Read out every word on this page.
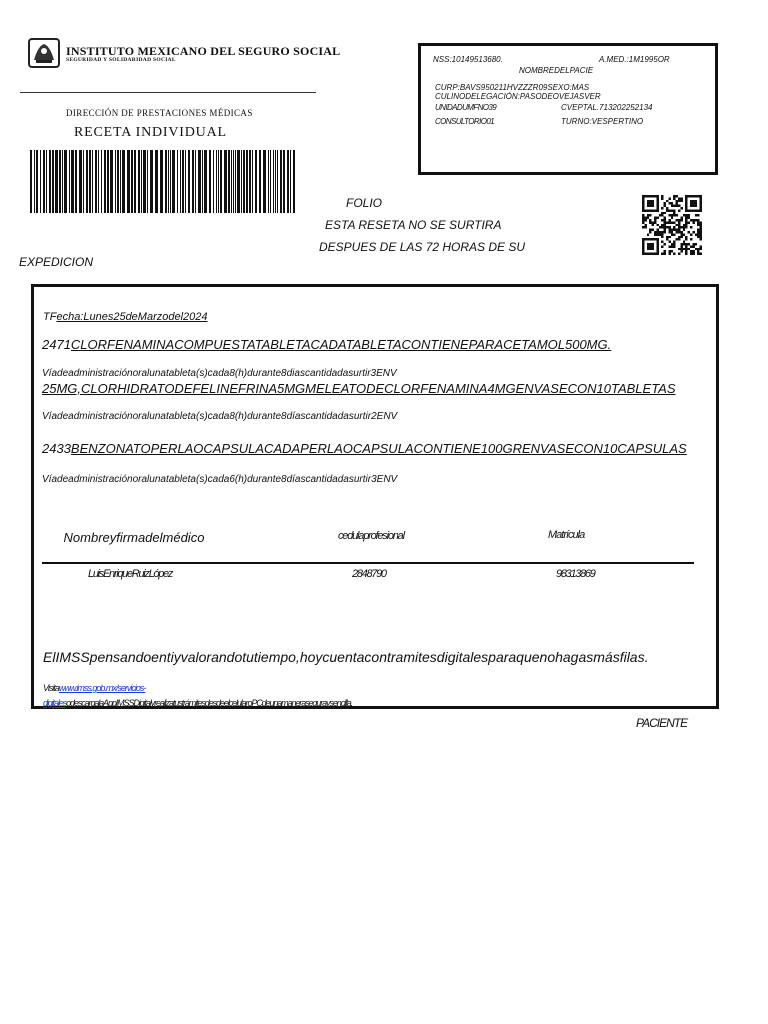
INSTITUTO MEXICANO DEL SEGURO SOCIAL
SEGURIDAD Y SOLIDARIDAD SOCIAL
DIRECCIÓN DE PRESTACIONES MÉDICAS
RECETA INDIVIDUAL
NSS:10149513680.	A.MED.:1M1995OR
NOMBREDELPACIE
CURP:BAVS950211HVZZZR09SEXO:MAS
CULINODELEGACIÓN:PASODEOVEJASVER
UNIDADUMFNO39	CVEPTAL.713202252134
CONSULTORIO01	TURNO:VESPERTINO
FOLIO
ESTA RESETA NO SE SURTIRA
DESPUES DE LAS 72 HORAS DE SU
EXPEDICION
TFecha:Lunes25deMarzodel2024
2471CLORFENAMINACOMPUESTATABLETACADATABLETACONTIENEPARACETAMOL500MG.
Víadeadministraciónoralunatableta(s)cada8(h)durante8diascantidadasurtir3ENV
25MG,CLORHIDRATODEFELINEFRINA5MGMELEATODECLORFENAMINA4MGENVASECON10TABLETAS
Víadeadministraciónoralunatableta(s)cada8(h)durante8díascantidadasurtir2ENV
2433BENZONATOPERLAOCAPSULACADAPERLAOCAPSULACONTIENE100GRENVASECON10CAPSULAS
Víadeadministraciónoralunatableta(s)cada6(h)durante8díascantidadasurtir3ENV
Nombreyfirmadelmédico	cedulaprofesional	Matrícula
LuisEnriqueRuizLópez	2848790	98313869
ElIMSSpensandoentiyvalorandotutiempo,hoycuentacontramitesdigitalesparaquenohagasmásfilas.
Visitawww.imss.gob.mx/servicios-
digitalesodescargalaAppIMSSDigitalyrealizatustrámitesdesdeelcelularoPCdeunamaneraseguraysencilla.
PACIENTE
